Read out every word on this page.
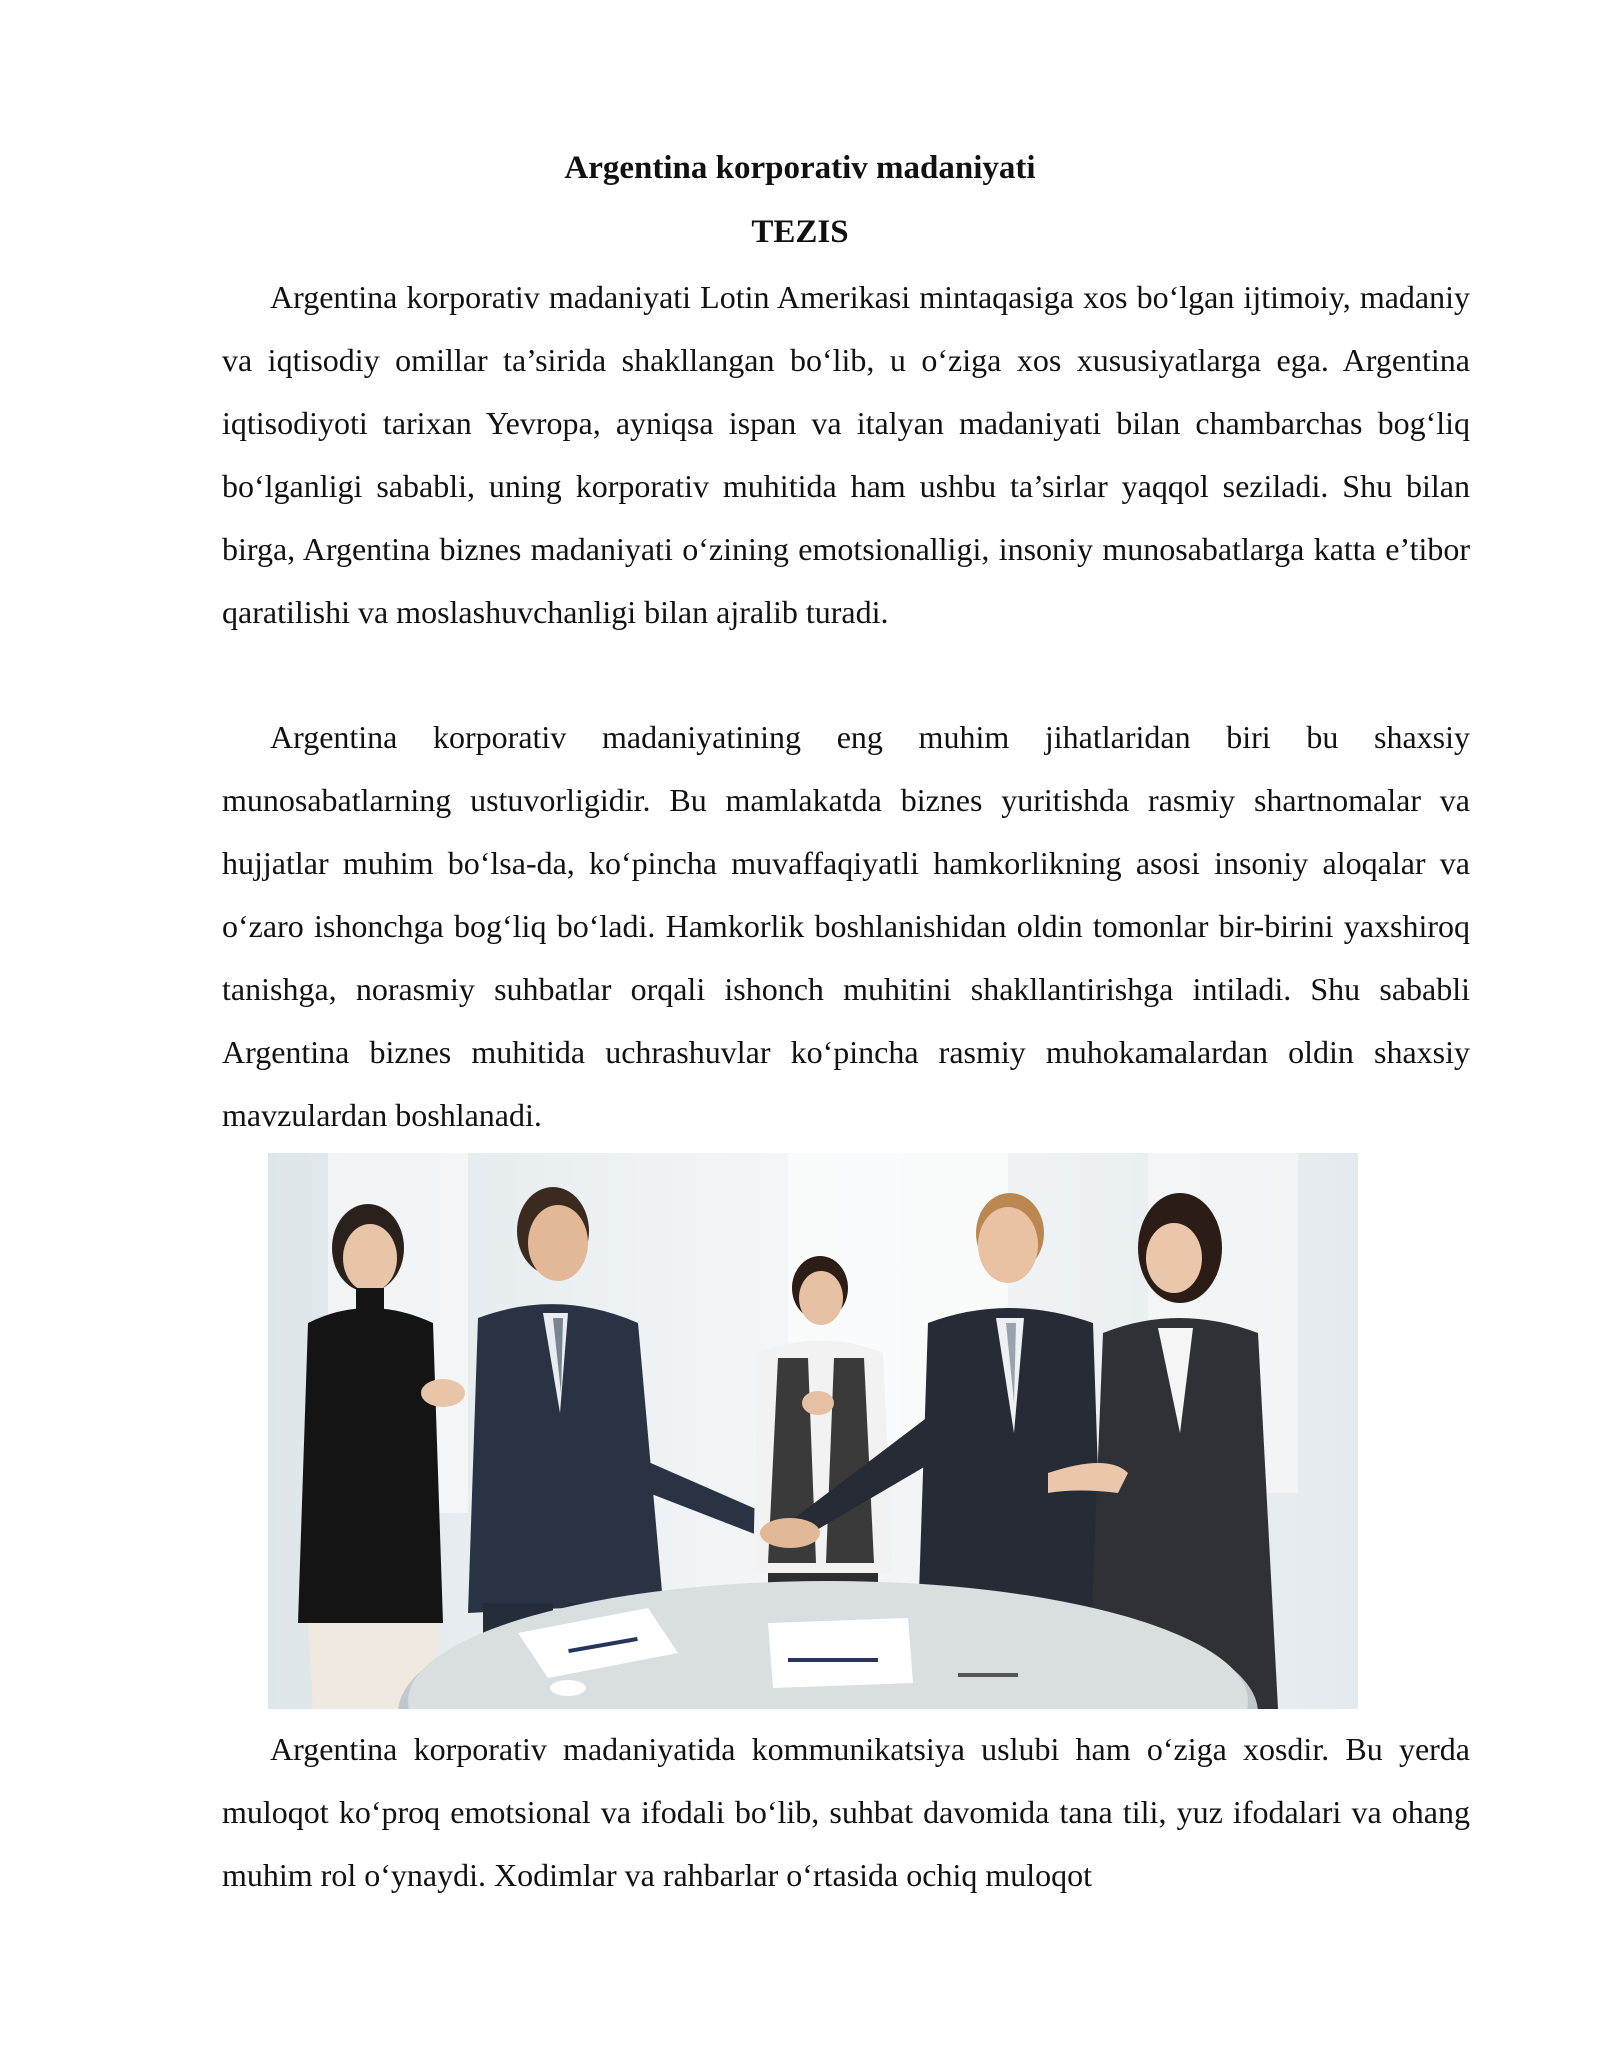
Argentina korporativ madaniyati
TEZIS

Argentina korporativ madaniyati Lotin Amerikasi mintaqasiga xos bo‘lgan ijtimoiy, madaniy va iqtisodiy omillar ta’sirida shakllangan bo‘lib, u o‘ziga xos xususiyatlarga ega. Argentina iqtisodiyoti tarixan Yevropa, ayniqsa ispan va italyan madaniyati bilan chambarchas bog‘liq bo‘lganligi sababli, uning korporativ muhitida ham ushbu ta’sirlar yaqqol seziladi. Shu bilan birga, Argentina biznes madaniyati o‘zining emotsionalligi, insoniy munosabatlarga katta e’tibor qaratilishi va moslashuvchanligi bilan ajralib turadi.

Argentina korporativ madaniyatining eng muhim jihatlaridan biri bu shaxsiy munosabatlarning ustuvorligidir. Bu mamlakatda biznes yuritishda rasmiy shartnomalar va hujjatlar muhim bo‘lsa-da, ko‘pincha muvaffaqiyatli hamkorlikning asosi insoniy aloqalar va o‘zaro ishonchga bog‘liq bo‘ladi. Hamkorlik boshlanishidan oldin tomonlar bir-birini yaxshiroq tanishga, norasmiy suhbatlar orqali ishonch muhitini shakllantirishga intiladi. Shu sababli Argentina biznes muhitida uchrashuvlar ko‘pincha rasmiy muhokamalardan oldin shaxsiy mavzulardan boshlanadi.

Argentina korporativ madaniyatida kommunikatsiya uslubi ham o‘ziga xosdir. Bu yerda muloqot ko‘proq emotsional va ifodali bo‘lib, suhbat davomida tana tili, yuz ifodalari va ohang muhim rol o‘ynaydi. Xodimlar va rahbarlar o‘rtasida ochiq muloqot
